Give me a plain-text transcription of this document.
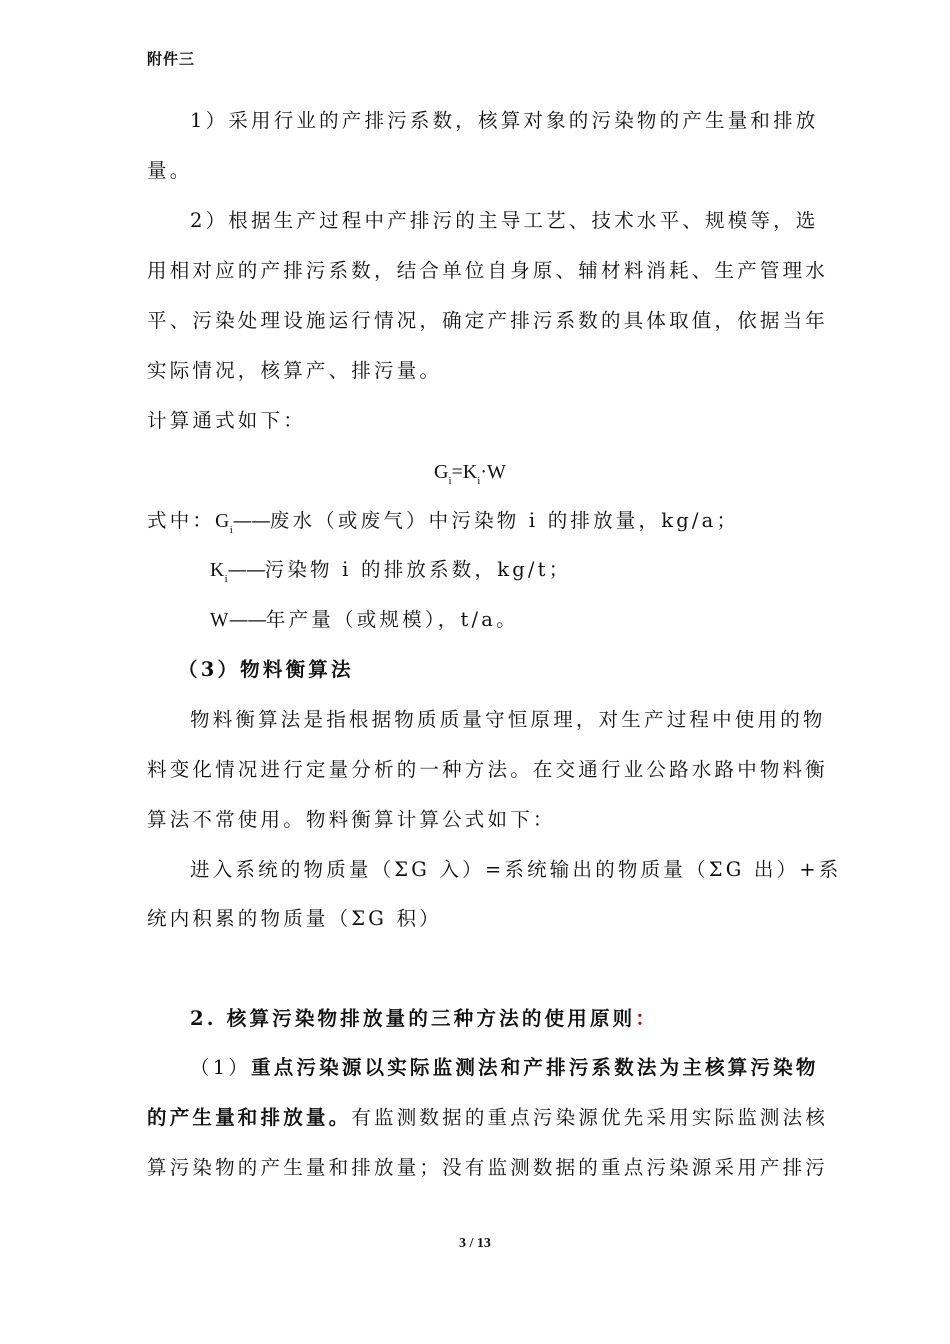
附件三

1）采用行业的产排污系数，核算对象的污染物的产生量和排放

量。

2）根据生产过程中产排污的主导工艺、技术水平、规模等，选

用相对应的产排污系数，结合单位自身原、辅材料消耗、生产管理水

平、污染处理设施运行情况，确定产排污系数的具体取值，依据当年

实际情况，核算产、排污量。

计算通式如下：

$G_i=K_i\cdot W$

式中：$G_i——$废水（或废气）中污染物 i 的排放量，kg/a；

$K_i——$污染物 i 的排放系数，kg/t；

W——年产量（或规模），t/a。

（3）物料衡算法

物料衡算法是指根据物质质量守恒原理，对生产过程中使用的物

料变化情况进行定量分析的一种方法。在交通行业公路水路中物料衡

算法不常使用。物料衡算计算公式如下：

进入系统的物质量（ΣG 入）=系统输出的物质量（ΣG 出）+系

统内积累的物质量（ΣG 积）

2. 核算污染物排放量的三种方法的使用原则：

（1）重点污染源以实际监测法和产排污系数法为主核算污染物

的产生量和排放量。有监测数据的重点污染源优先采用实际监测法核

算污染物的产生量和排放量；没有监测数据的重点污染源采用产排污

3 / 13
